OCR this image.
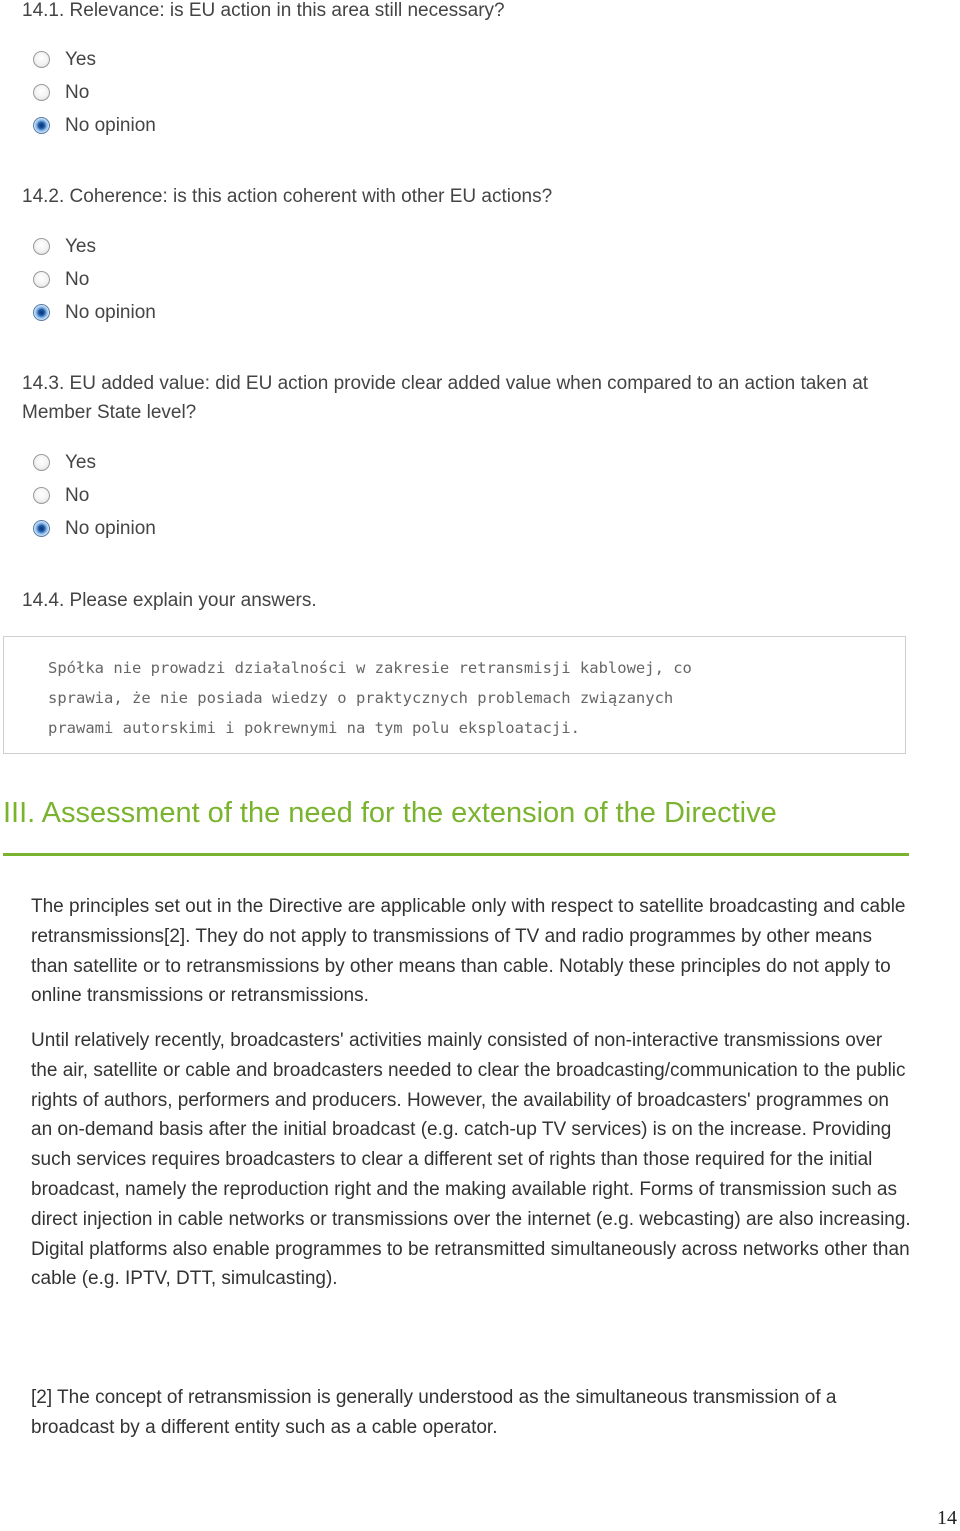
14.1. Relevance: is EU action in this area still necessary?

Yes
No
No opinion

14.2. Coherence: is this action coherent with other EU actions?

Yes
No
No opinion

14.3. EU added value: did EU action provide clear added value when compared to an action taken at Member State level?

Yes
No
No opinion

14.4. Please explain your answers.

Spółka nie prowadzi działalności w zakresie retransmisji kablowej, co
sprawia, że nie posiada wiedzy o praktycznych problemach związanych
prawami autorskimi i pokrewnymi na tym polu eksploatacji.
III. Assessment of the need for the extension of the Directive

The principles set out in the Directive are applicable only with respect to satellite broadcasting and cable retransmissions[2]. They do not apply to transmissions of TV and radio programmes by other means than satellite or to retransmissions by other means than cable. Notably these principles do not apply to online transmissions or retransmissions.

Until relatively recently, broadcasters' activities mainly consisted of non-interactive transmissions over the air, satellite or cable and broadcasters needed to clear the broadcasting/communication to the public rights of authors, performers and producers. However, the availability of broadcasters' programmes on an on-demand basis after the initial broadcast (e.g. catch-up TV services) is on the increase. Providing such services requires broadcasters to clear a different set of rights than those required for the initial broadcast, namely the reproduction right and the making available right. Forms of transmission such as direct injection in cable networks or transmissions over the internet (e.g. webcasting) are also increasing. Digital platforms also enable programmes to be retransmitted simultaneously across networks other than cable (e.g. IPTV, DTT, simulcasting).

[2] The concept of retransmission is generally understood as the simultaneous transmission of a broadcast by a different entity such as a cable operator.

14
